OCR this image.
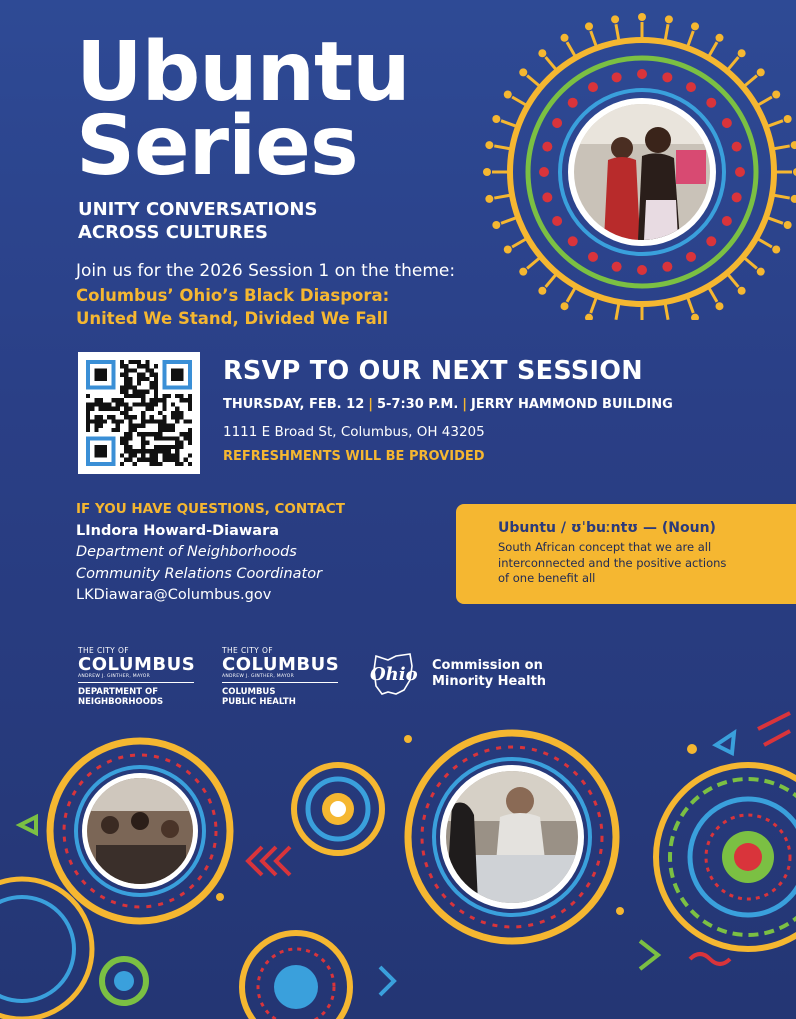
Ubuntu
Series
UNITY CONVERSATIONS
ACROSS CULTURES
Join us for the 2026 Session 1 on the theme:
Columbus’ Ohio’s Black Diaspora:
United We Stand, Divided We Fall
RSVP TO OUR NEXT SESSION
THURSDAY, FEB. 12 | 5-7:30 P.M. | JERRY HAMMOND BUILDING
1111 E Broad St, Columbus, OH 43205
REFRESHMENTS WILL BE PROVIDED
IF YOU HAVE QUESTIONS, CONTACT
LIndora Howard-Diawara
Department of Neighborhoods
Community Relations Coordinator
LKDiawara@Columbus.gov
Ubuntu / ʊˈbuːntʊ — (Noun)
South African concept that we are all interconnected and the positive actions of one benefit all
THE CITY OF
COLUMBUS
ANDREW J. GINTHER, MAYOR
DEPARTMENT OF
NEIGHBORHOODS
THE CITY OF
COLUMBUS
ANDREW J. GINTHER, MAYOR
COLUMBUS
PUBLIC HEALTH
Ohio Commission on
Minority Health
